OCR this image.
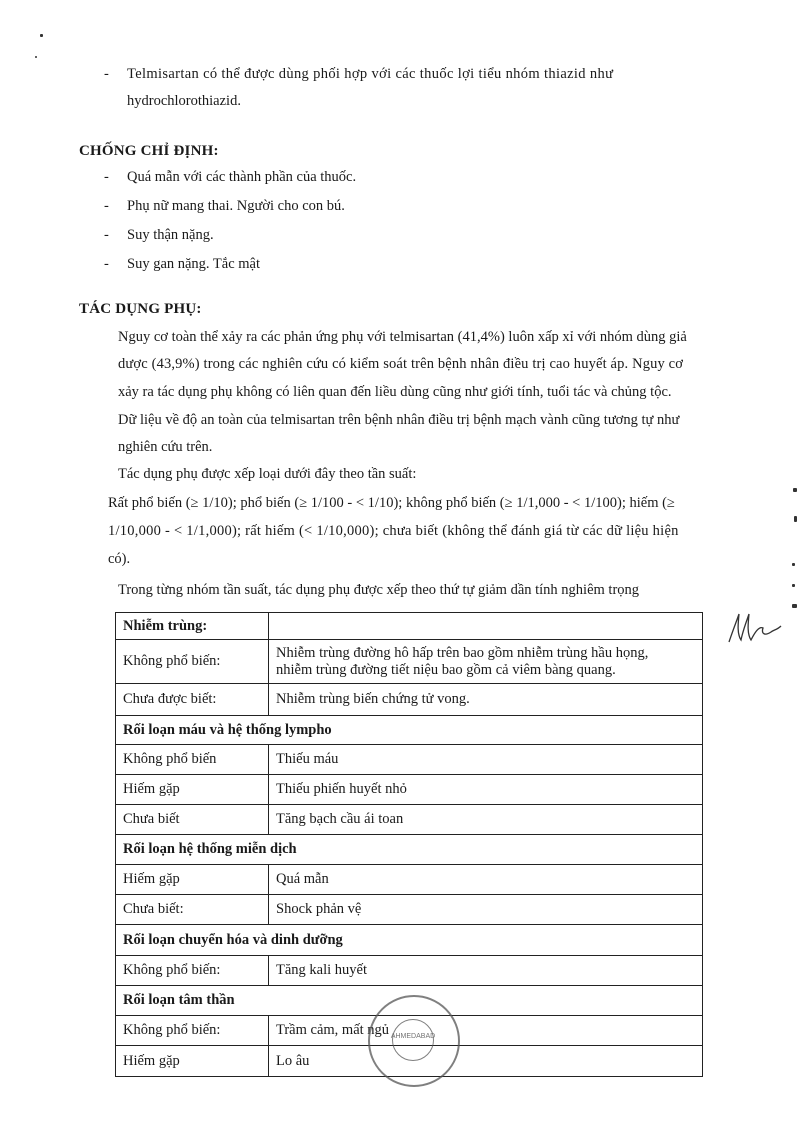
- Telmisartan có thể được dùng phối hợp với các thuốc lợi tiểu nhóm thiazid như
hydrochlorothiazid.
CHỐNG CHỈ ĐỊNH:
- Quá mẫn với các thành phần của thuốc.
- Phụ nữ mang thai. Người cho con bú.
- Suy thận nặng.
- Suy gan nặng. Tắc mật
TÁC DỤNG PHỤ:
Nguy cơ toàn thể xảy ra các phản ứng phụ với telmisartan (41,4%) luôn xấp xỉ với nhóm dùng giả
dược (43,9%) trong các nghiên cứu có kiểm soát trên bệnh nhân điều trị cao huyết áp. Nguy cơ
xảy ra tác dụng phụ không có liên quan đến liều dùng cũng như giới tính, tuổi tác và chủng tộc.
Dữ liệu về độ an toàn của telmisartan trên bệnh nhân điều trị bệnh mạch vành cũng tương tự như
nghiên cứu trên.
Tác dụng phụ được xếp loại dưới đây theo tần suất:
Rất phổ biến (≥ 1/10); phổ biến (≥ 1/100 - < 1/10); không phổ biến (≥ 1/1,000 - < 1/100); hiếm (≥
1/10,000 - < 1/1,000); rất hiếm (< 1/10,000); chưa biết (không thể đánh giá từ các dữ liệu hiện
có).
Trong từng nhóm tần suất, tác dụng phụ được xếp theo thứ tự giảm dần tính nghiêm trọng
Nhiễm trùng:	
Không phổ biến:	Nhiễm trùng đường hô hấp trên bao gồm nhiễm trùng hầu họng,
nhiễm trùng đường tiết niệu bao gồm cả viêm bàng quang.

Chưa được biết:	Nhiễm trùng biến chứng tử vong.
Rối loạn máu và hệ thống lympho	
Không phổ biến	Thiếu máu
Hiếm gặp	Thiếu phiến huyết nhỏ
Chưa biết	Tăng bạch cầu ái toan
Rối loạn hệ thống miễn dịch	
Hiếm gặp	Quá mẫn
Chưa biết:	Shock phản vệ
Rối loạn chuyển hóa và dinh dưỡng	
Không phổ biến:	Tăng kali huyết
Rối loạn tâm thần	
Không phổ biến:	Trầm cảm, mất ngủ
Hiếm gặp	Lo âu
AHMEDABAD
